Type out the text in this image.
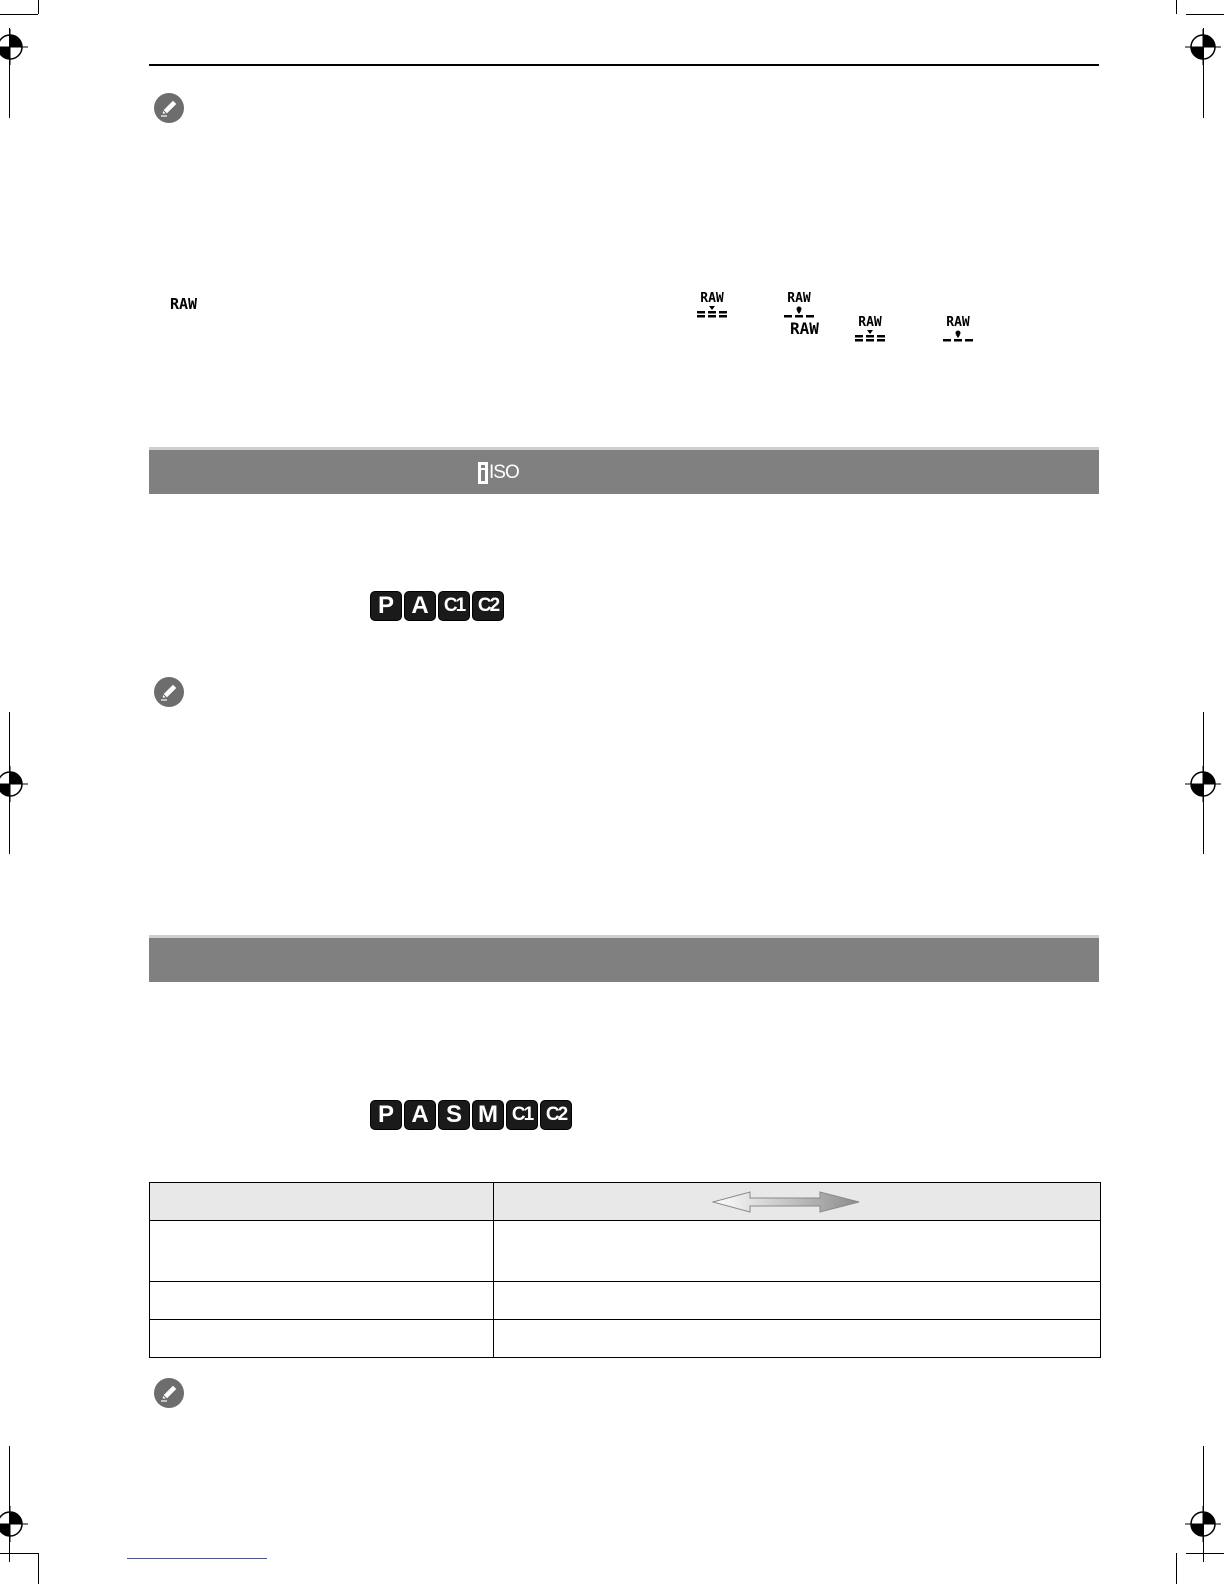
RAW	RAW	RAW
RAW	RAW	RAW
ISO
P A C1 C2
P A S M C1 C2
